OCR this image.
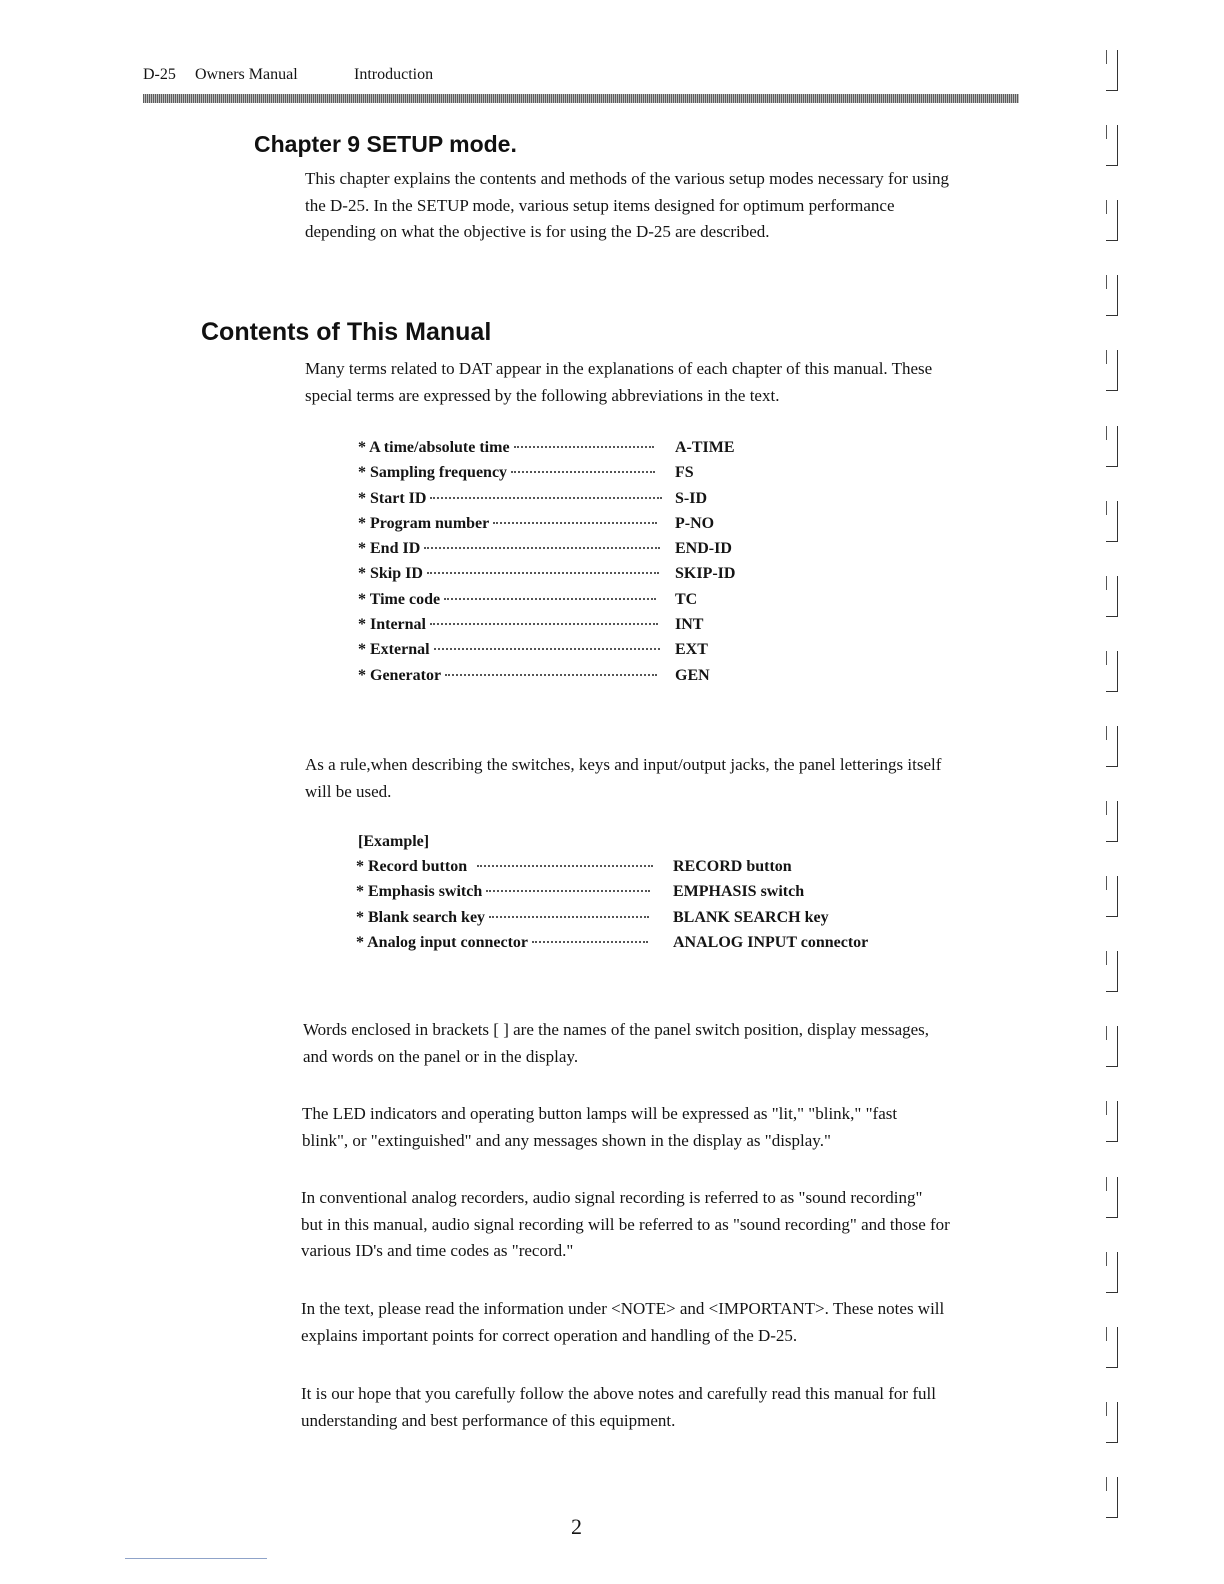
D-25 Owners Manual	Introduction
Chapter 9 SETUP mode.

This chapter explains the contents and methods of the various setup modes necessary for using

the D-25. In the SETUP mode, various setup items designed for optimum performance

depending on what the objective is for using the D-25 are described.

Contents of This Manual

Many terms related to DAT appear in the explanations of each chapter of this manual. These

special terms are expressed by the following abbreviations in the text.

* A time/absolute time	A-TIME
* Sampling frequency	FS
* Start ID	S-ID
* Program number	P-NO
* End ID	END-ID
* Skip ID	SKIP-ID
* Time code	TC
* Internal	INT
* External	EXT
* Generator	GEN

As a rule,when describing the switches, keys and input/output jacks, the panel letterings itself

will be used.

[Example]
* Record button	RECORD button
* Emphasis switch	EMPHASIS switch
* Blank search key	BLANK SEARCH key
* Analog input connector	ANALOG INPUT connector

Words enclosed in brackets [ ] are the names of the panel switch position, display messages,

and words on the panel or in the display.

The LED indicators and operating button lamps will be expressed as "lit," "blink," "fast

blink", or "extinguished" and any messages shown in the display as "display."

In conventional analog recorders, audio signal recording is referred to as "sound recording"

but in this manual, audio signal recording will be referred to as "sound recording" and those for

various ID's and time codes as "record."

In the text, please read the information under <NOTE> and <IMPORTANT>. These notes will

explains important points for correct operation and handling of the D-25.

It is our hope that you carefully follow the above notes and carefully read this manual for full

understanding and best performance of this equipment.

2
